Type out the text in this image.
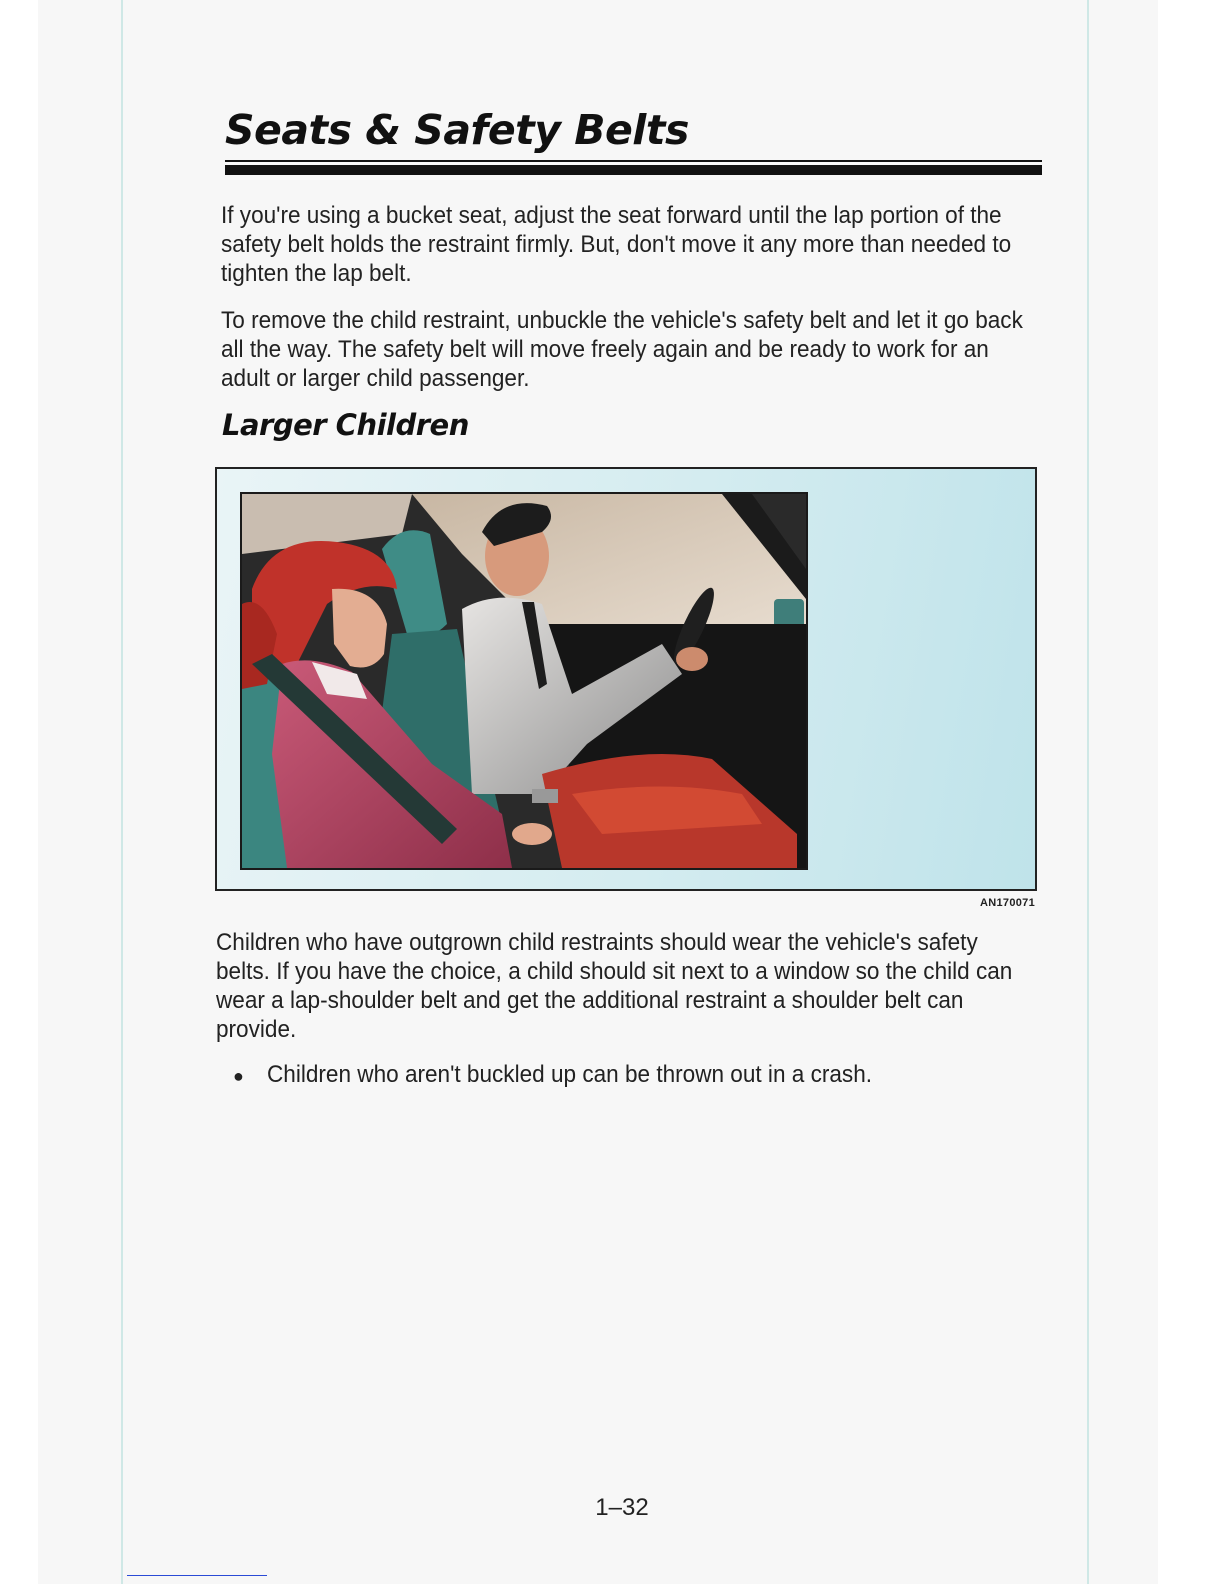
Seats & Safety Belts

If you're using a bucket seat, adjust the seat forward until the lap portion of the safety belt holds the restraint firmly. But, don't move it any more than needed to tighten the lap belt.

To remove the child restraint, unbuckle the vehicle's safety belt and let it go back all the way. The safety belt will move freely again and be ready to work for an adult or larger child passenger.

Larger Children

AN170071

Children who have outgrown child restraints should wear the vehicle's safety belts. If you have the choice, a child should sit next to a window so the child can wear a lap-shoulder belt and get the additional restraint a shoulder belt can provide.

● Children who aren't buckled up can be thrown out in a crash.

1–32
